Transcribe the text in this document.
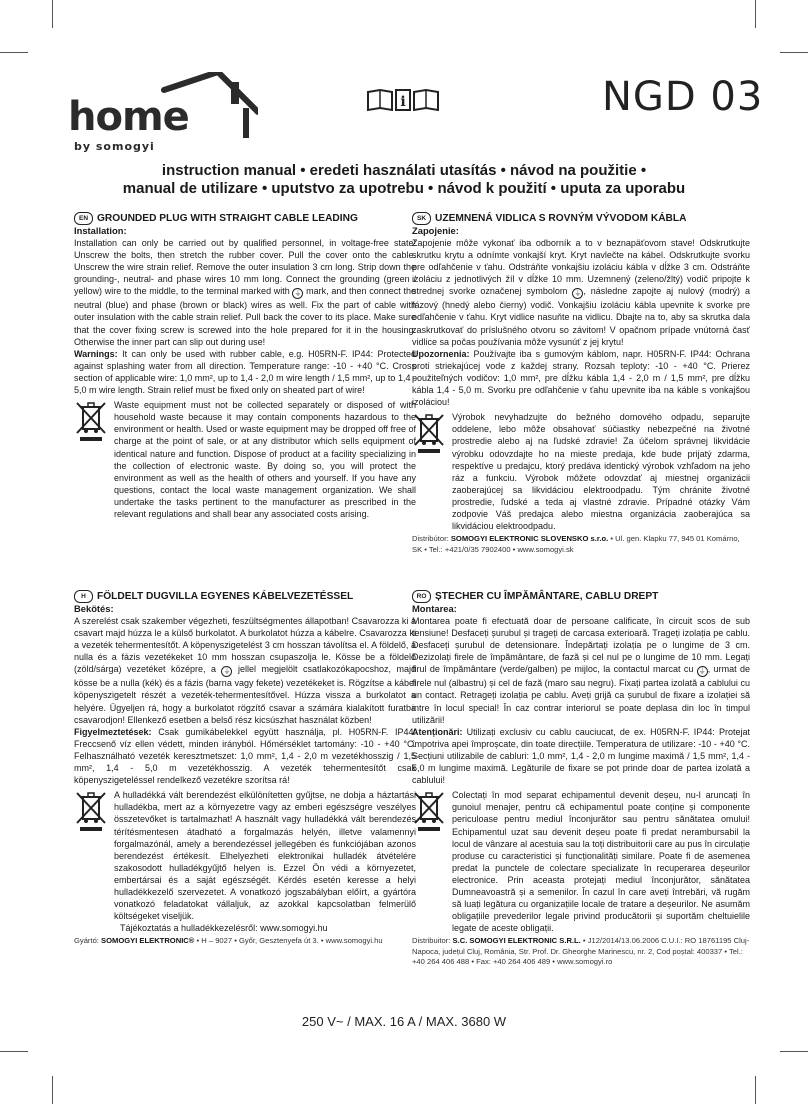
home
by somogyi
i	NGD 03
instruction manual • eredeti használati utasítás • návod na použitie •
manual de utilizare • uputstvo za upotrebu • návod k použití • uputa za uporabu
EN GROUNDED PLUG WITH STRAIGHT CABLE LEADING
Installation:
Installation can only be carried out by qualified personnel, in voltage-free state! Unscrew the bolts, then stretch the rubber cover. Pull the cover onto the cable. Unscrew the wire strain relief. Remove the outer insulation 3 cm long. Strip down the grounding-, neutral- and phase wires 10 mm long. Connect the grounding (green / yellow) wire to the middle, to the terminal marked with ⏚ mark, and then connect the neutral (blue) and phase (brown or black) wires as well. Fix the part of cable with outer insulation with the cable strain relief. Pull back the cover to its place. Make sure that the cover fixing screw is screwed into the hole prepared for it in the housing. Otherwise the inner part can slip out during use!
Warnings: It can only be used with rubber cable, e.g. H05RN-F. IP44: Protected against splashing water from all direction. Temperature range: -10 - +40 °C. Cross section of applicable wire: 1,0 mm², up to 1,4 - 2,0 m wire length / 1,5 mm², up to 1,4 - 5,0 m wire length. Strain relief must be fixed only on sheated part of wire!
Waste equipment must not be collected separately or disposed of with household waste because it may contain components hazardous to the environment or health. Used or waste equipment may be dropped off free of charge at the point of sale, or at any distributor which sells equipment of identical nature and function. Dispose of product at a facility specializing in the collection of electronic waste. By doing so, you will protect the environment as well as the health of others and yourself. If you have any questions, contact the local waste management organization. We shall undertake the tasks pertinent to the manufacturer as prescribed in the relevant regulations and shall bear any associated costs arising.
H	FÖLDELT DUGVILLA EGYENES KÁBELVEZETÉSSEL
Bekötés:
A szerelést csak szakember végezheti, feszültségmentes állapotban! Csavarozza ki a csavart majd húzza le a külső burkolatot. A burkolatot húzza a kábelre. Csavarozza ki a vezeték tehermentesítőt. A köpenyszigetelést 3 cm hosszan távolítsa el. A földelő, a nulla és a fázis vezetékeket 10 mm hosszan csupaszolja le. Kösse be a földelő (zöld/sárga) vezetéket középre, a ⏚ jellel megjelölt csatlakozókapocshoz, majd kösse be a nulla (kék) és a fázis (barna vagy fekete) vezetékeket is. Rögzítse a kábel köpenyszigetelt részét a vezeték-tehermentesítővel. Húzza vissza a burkolatot a helyére. Ügyeljen rá, hogy a burkolatot rögzítő csavar a számára kialakított furatba csavarodjon! Ellenkező esetben a belső rész kicsúszhat használat közben!
Figyelmeztetések: Csak gumikábelekkel együtt használja, pl. H05RN-F. IP44: Freccsenő víz ellen védett, minden irányból. Hőmérséklet tartomány: -10 - +40 °C. Felhasználható vezeték keresztmetszet: 1,0 mm², 1,4 - 2,0 m vezetékhosszig / 1,5 mm², 1,4 - 5,0 m vezetékhosszig. A vezeték tehermentesítőt csak köpenyszigeteléssel rendelkező vezetékre szorítsa rá!
A hulladékká vált berendezést elkülönítetten gyűjtse, ne dobja a háztartási hulladékba, mert az a környezetre vagy az emberi egészségre veszélyes összetevőket is tartalmazhat! A használt vagy hulladékká vált berendezés térítésmentesen átadható a forgalmazás helyén, illetve valamennyi forgalmazónál, amely a berendezéssel jellegében és funkciójában azonos berendezést értékesít. Elhelyezheti elektronikai hulladék átvételére szakosodott hulladékgyűjtő helyen is. Ezzel Ön védi a környezetet, embertársai és a saját egészségét. Kérdés esetén keresse a helyi hulladékkezelő szervezetet. A vonatkozó jogszabályban előírt, a gyártóra vonatkozó feladatokat vállaljuk, az azokkal kapcsolatban felmerülő költségeket viseljük.
Tájékoztatás a hulladékkezelésről: www.somogyi.hu
Gyártó: SOMOGYI ELEKTRONIC® • H – 9027 • Győr, Gesztenyefa út 3. • www.somogyi.hu
SK UZEMNENÁ VIDLICA S ROVNÝM VÝVODOM KÁBLA
Zapojenie:
Zapojenie môže vykonať iba odborník a to v beznapäťovom stave! Odskrutkujte skrutku krytu a odnímte vonkajší kryt. Kryt navlečte na kábel. Odskrutkujte svorku pre odľahčenie v ťahu. Odstráňte vonkajšiu izoláciu kábla v dĺžke 3 cm. Odstráňte izoláciu z jednotlivých žíl v dĺžke 10 mm. Uzemnený (zeleno/žltý) vodič pripojte k strednej svorke označenej symbolom ⏚ , následne zapojte aj nulový (modrý) a fázový (hnedý alebo čierny) vodič. Vonkajšiu izoláciu kábla upevnite k svorke pre odľahčenie v ťahu. Kryt vidlice nasuňte na vidlicu. Dbajte na to, aby sa skrutka dala zaskrutkovať do príslušného otvoru so závitom! V opačnom prípade vnútorná časť vidlice sa počas používania môže vysunúť z jej krytu!
Upozornenia: Používajte iba s gumovým káblom, napr. H05RN-F. IP44: Ochrana proti striekajúcej vode z každej strany. Rozsah teploty: -10 - +40 °C. Prierez použiteľných vodičov: 1,0 mm², pre dĺžku kábla 1,4 - 2,0 m / 1,5 mm², pre dĺžku kábla 1,4 - 5,0 m. Svorku pre odľahčenie v ťahu upevnite iba na káble s vonkajšou izoláciou!
Výrobok nevyhadzujte do bežného domového odpadu, separujte oddelene, lebo môže obsahovať súčiastky nebezpečné na životné prostredie alebo aj na ľudské zdravie! Za účelom správnej likvidácie výrobku odovzdajte ho na mieste predaja, kde bude prijatý zdarma, respektíve u predajcu, ktorý predáva identický výrobok vzhľadom na jeho ráz a funkciu. Výrobok môžete odovzdať aj miestnej organizácii zaoberajúcej sa likvidáciou elektroodpadu. Tým chránite životné prostredie, ľudské a teda aj vlastné zdravie. Prípadné otázky Vám zodpovie Váš predajca alebo miestna organizácia zaoberajúca sa likvidáciou elektroodpadu.
Distribútor: SOMOGYI ELEKTRONIC SLOVENSKO s.r.o. • Ul. gen. Klapku 77, 945 01 Komárno, SK • Tel.: +421/0/35 7902400 • www.somogyi.sk
RO ȘTECHER CU ÎMPĂMÂNTARE, CABLU DREPT
Montarea:
Montarea poate fi efectuată doar de persoane calificate, în circuit scos de sub tensiune! Desfaceți șurubul și trageți de carcasa exterioară. Trageți izolația pe cablu. Desfaceți șurubul de detensionare. Îndepărtați izolația pe o lungime de 3 cm. Dezizolați firele de împământare, de fază și cel nul pe o lungime de 10 mm. Legați firul de împământare (verde/galben) pe mijloc, la contactul marcat cu ⏚ , urmat de firele nul (albastru) și cel de fază (maro sau negru). Fixați partea izolată a cablului cu un contact. Retrageți izolația pe cablu. Aveți grijă ca șurubul de fixare a izolației să intre în locul special! În caz contrar interiorul se poate deplasa din loc în timpul utilizării!
Atenționări: Utilizați exclusiv cu cablu cauciucat, de ex. H05RN-F. IP44: Protejat împotriva apei împroșcate, din toate direcțiile. Temperatura de utilizare: -10 - +40 °C. Secțiuni utilizabile de cabluri: 1,0 mm², 1,4 - 2,0 m lungime maximă / 1,5 mm², 1,4 - 5,0 m lungime maximă. Legăturile de fixare se pot prinde doar de partea izolată a cablului!
Colectați în mod separat echipamentul devenit deșeu, nu-l aruncați în gunoiul menajer, pentru că echipamentul poate conține și componente periculoase pentru mediul înconjurător sau pentru sănătatea omului! Echipamentul uzat sau devenit deșeu poate fi predat nerambursabil la locul de vânzare al acestuia sau la toți distribuitorii care au pus în circulație produse cu caracteristici și funcționalități similare. Poate fi de asemenea predat la punctele de colectare specializate în recuperarea deșeurilor electronice. Prin aceasta protejați mediul înconjurător, sănătatea Dumneavoastră și a semenilor. În cazul în care aveți întrebări, vă rugăm să luați legătura cu organizațiile locale de tratare a deșeurilor. Ne asumăm obligațiile prevederilor legale privind producătorii și suportăm cheltuielile legate de aceste obligații.
Distribuitor: S.C. SOMOGYI ELEKTRONIC S.R.L. • J12/2014/13.06.2006 C.U.I.: RO 18761195 Cluj-Napoca, județul Cluj, România, Str. Prof. Dr. Gheorghe Marinescu, nr. 2, Cod poștal: 400337 • Tel.: +40 264 406 488 • Fax: +40 264 406 489 • www.somogyi.ro
250 V~ / MAX. 16 A / MAX. 3680 W
